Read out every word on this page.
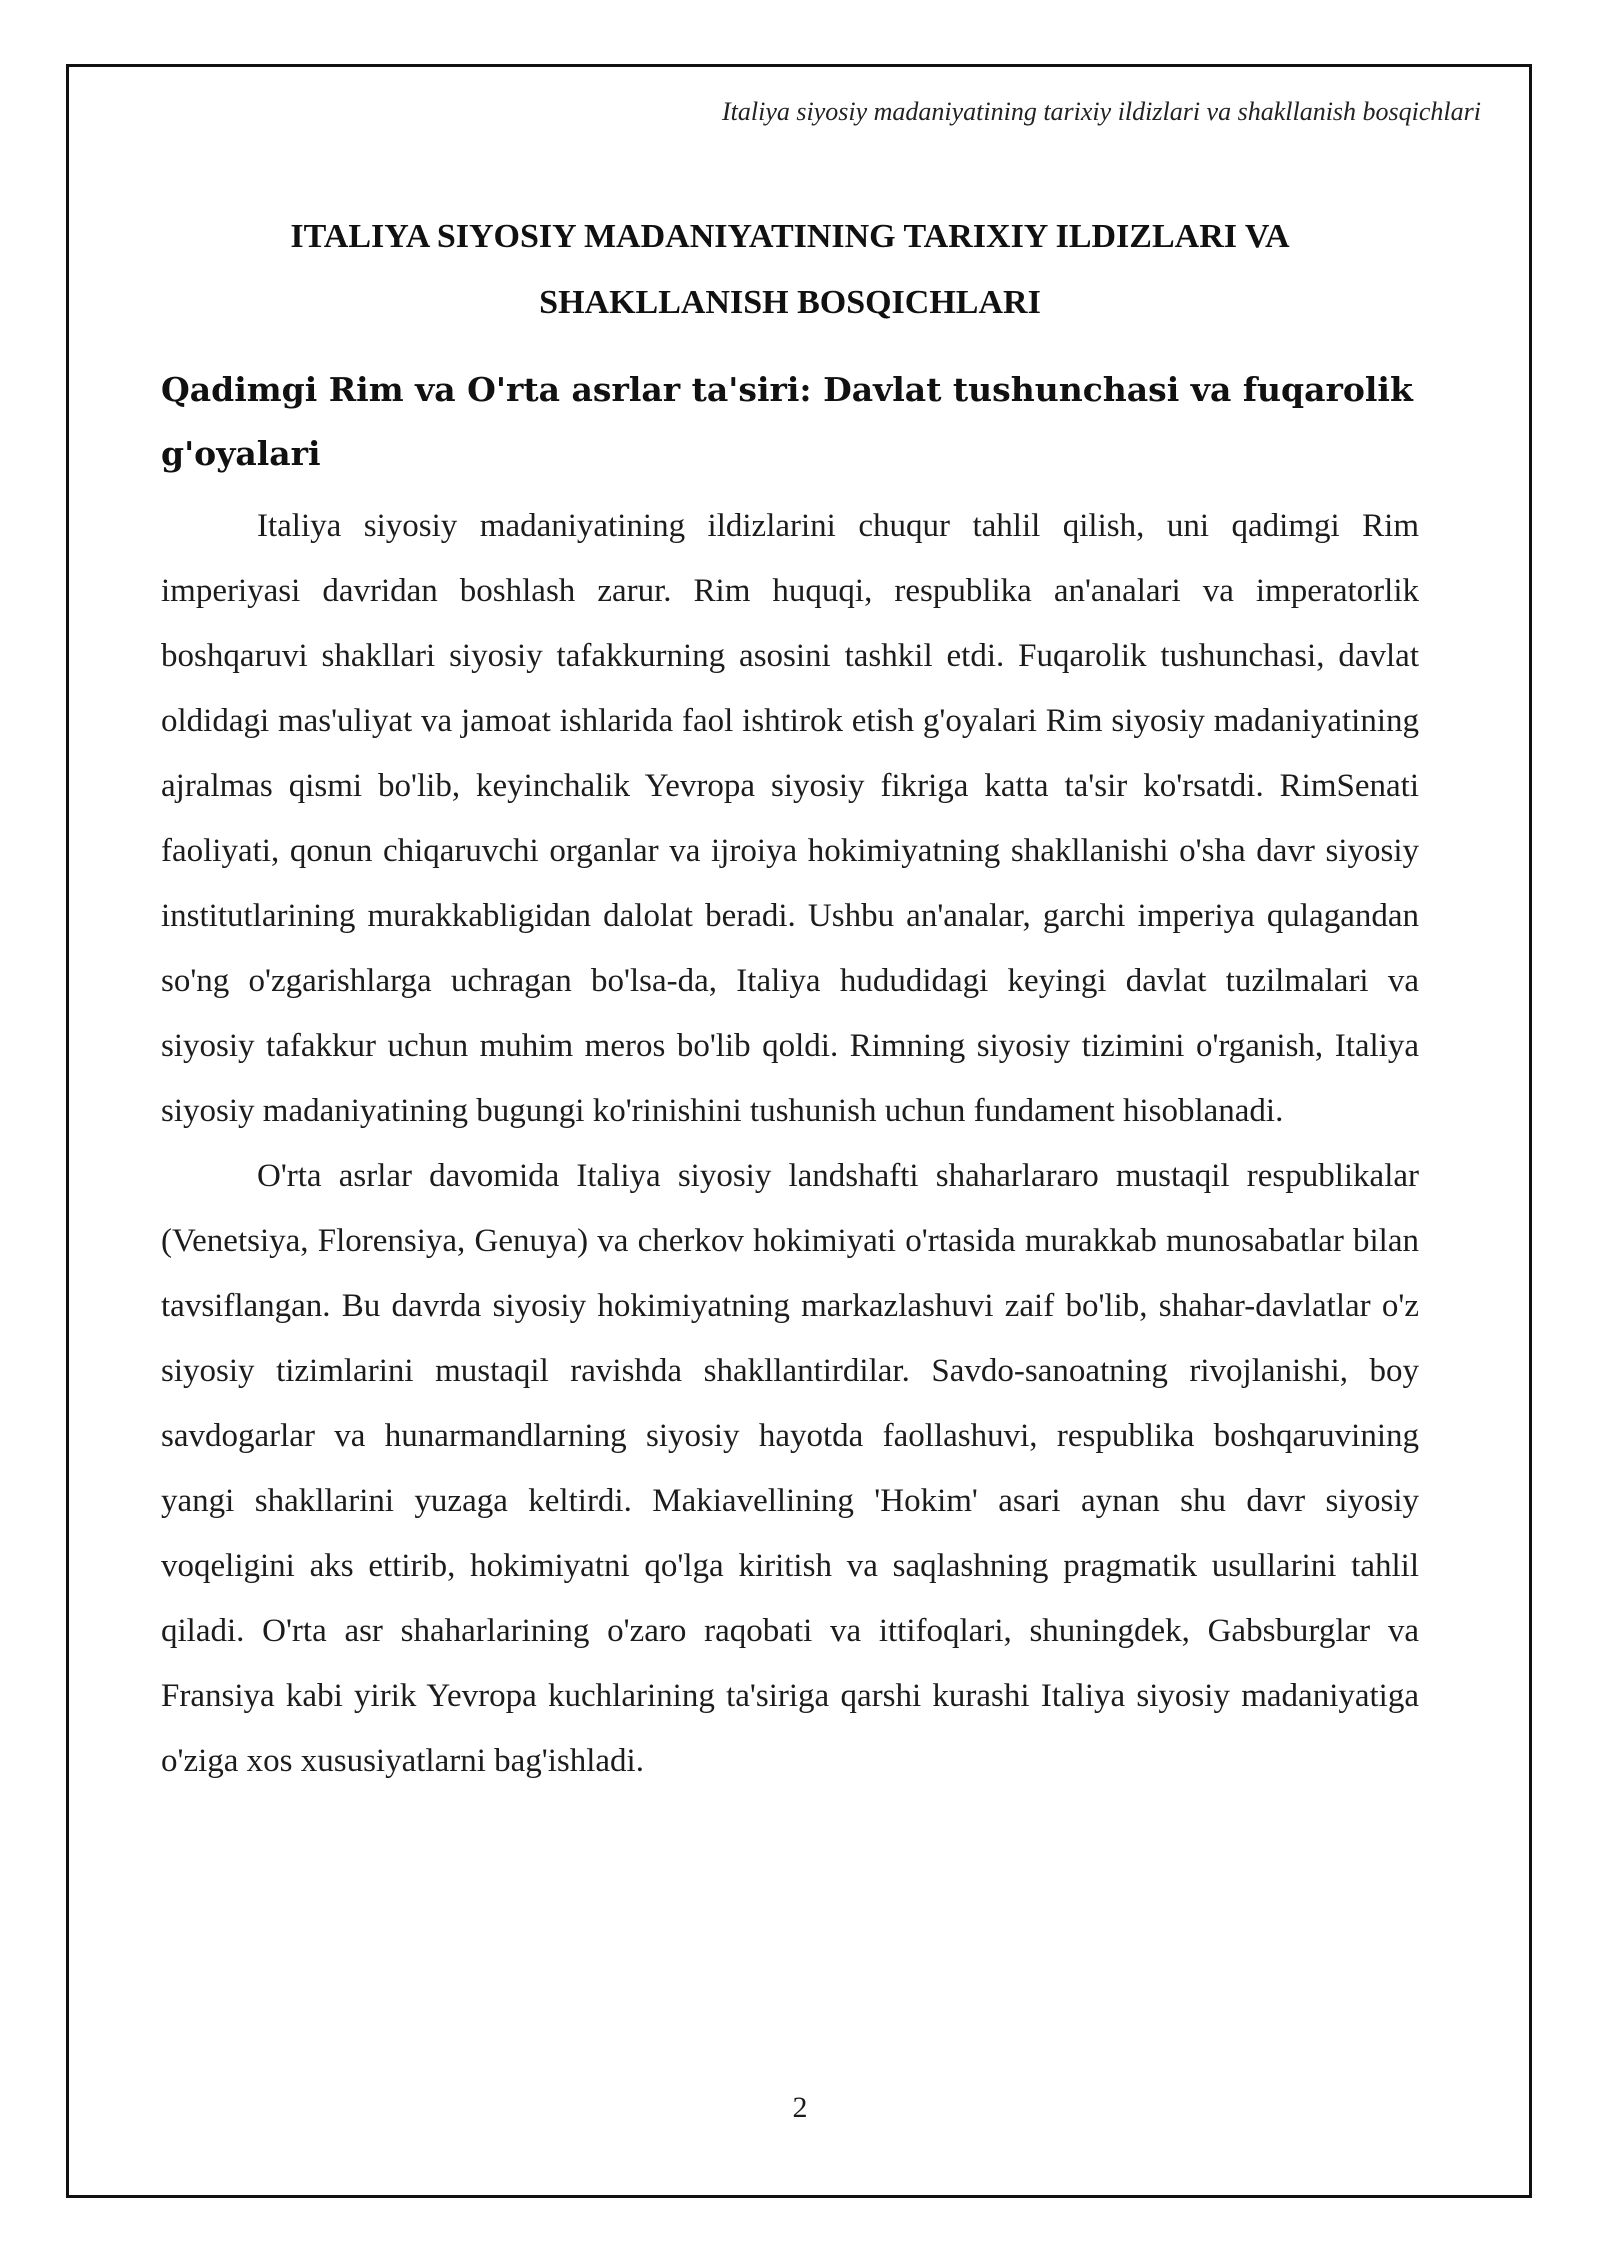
Italiya siyosiy madaniyatining tarixiy ildizlari va shakllanish bosqichlari
ITALIYA SIYOSIY MADANIYATINING TARIXIY ILDIZLARI VA
SHAKLLANISH BOSQICHLARI
Qadimgi Rim va O'rta asrlar ta'siri: Davlat tushunchasi va fuqarolik
g'oyalari

Italiya siyosiy madaniyatining ildizlarini chuqur tahlil qilish, uni qadimgi Rim imperiyasi davridan boshlash zarur. Rim huquqi, respublika an'analari va imperatorlik boshqaruvi shakllari siyosiy tafakkurning asosini tashkil etdi. Fuqarolik tushunchasi, davlat oldidagi mas'uliyat va jamoat ishlarida faol ishtirok etish g'oyalari Rim siyosiy madaniyatining ajralmas qismi bo'lib, keyinchalik Yevropa siyosiy fikriga katta ta'sir ko'rsatdi. RimSenati faoliyati, qonun chiqaruvchi organlar va ijroiya hokimiyatning shakllanishi o'sha davr siyosiy institutlarining murakkabligidan dalolat beradi. Ushbu an'analar, garchi imperiya qulagandan so'ng o'zgarishlarga uchragan bo'lsa-da, Italiya hududidagi keyingi davlat tuzilmalari va siyosiy tafakkur uchun muhim meros bo'lib qoldi. Rimning siyosiy tizimini o'rganish, Italiya siyosiy madaniyatining bugungi ko'rinishini tushunish uchun fundament hisoblanadi.

O'rta asrlar davomida Italiya siyosiy landshafti shaharlararo mustaqil respublikalar (Venetsiya, Florensiya, Genuya) va cherkov hokimiyati o'rtasida murakkab munosabatlar bilan tavsiflangan. Bu davrda siyosiy hokimiyatning markazlashuvi zaif bo'lib, shahar-davlatlar o'z siyosiy tizimlarini mustaqil ravishda shakllantirdilar. Savdo-sanoatning rivojlanishi, boy savdogarlar va hunarmandlarning siyosiy hayotda faollashuvi, respublika boshqaruvining yangi shakllarini yuzaga keltirdi. Makiavellining 'Hokim' asari aynan shu davr siyosiy voqeligini aks ettirib, hokimiyatni qo'lga kiritish va saqlashning pragmatik usullarini tahlil qiladi. O'rta asr shaharlarining o'zaro raqobati va ittifoqlari, shuningdek, Gabsburglar va Fransiya kabi yirik Yevropa kuchlarining ta'siriga qarshi kurashi Italiya siyosiy madaniyatiga o'ziga xos xususiyatlarni bag'ishladi.

2
